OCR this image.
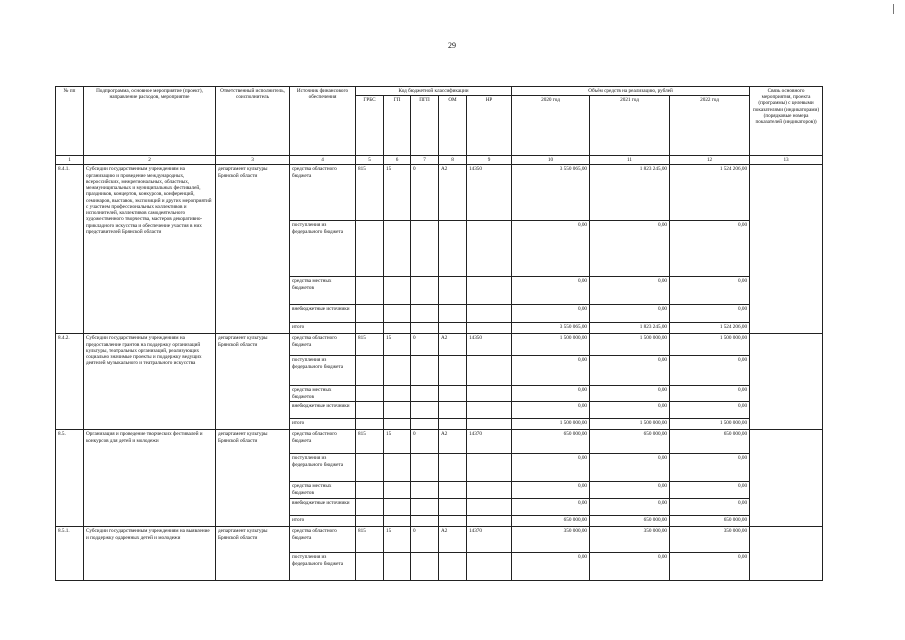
29
№ пп	Подпрограмма, основное мероприятие (проект), направление расходов, мероприятие	Ответственный исполнитель, соисполнитель	Источник финансового обеспечения	Код бюджетной классификации					Объём средств на реализацию, рублей			Связь основного мероприятия, проекта (программы) с целевыми показателями (индикаторами) (порядковые номера показателей (индикаторов))
				ГРБС	ГП	ПГП	ОМ	НР	2020 год	2021 год	2022 год	
1	2	3	4	5	6	7	8	9	10	11	12	13
8.4.1.	Субсидии государственным учреждениям на организацию и проведение международных, всероссийских, межрегиональных, областных, межмуниципальных и муниципальных фестивалей, праздников, концертов, конкурсов, конференций, семинаров, выставок, экспозиций и других мероприятий с участием профессиональных коллективов и исполнителей, коллективов самодеятельного художественного творчества, мастеров декоративно-прикладного искусства и обеспечение участия в них представителей Брянской области	департамент культуры Брянской области	средства областного бюджета	815	15	0	А2	14350	3 550 065,00	1 823 245,00	1 524 206,00	
			поступления из федерального бюджета						0,00	0,00	0,00	
			средства местных бюджетов						0,00	0,00	0,00	
			внебюджетные источники						0,00	0,00	0,00	
			итого						3 550 065,00	1 823 245,00	1 524 206,00	
8.4.2.	Субсидии государственным учреждениям на предоставление грантов на поддержку организаций культуры, театральных организаций, реализующих социально значимые проекты и поддержку ведущих деятелей музыкального и театрального искусства	департамент культуры Брянской области	средства областного бюджета	815	15	0	А2	14350	1 500 000,00	1 500 000,00	1 500 000,00	
			поступления из федерального бюджета						0,00	0,00	0,00	
			средства местных бюджетов						0,00	0,00	0,00	
			внебюджетные источники						0,00	0,00	0,00	
			итого						1 500 000,00	1 500 000,00	1 500 000,00	
8.5.	Организация и проведение творческих фестивалей и конкурсов для детей и молодежи	департамент культуры Брянской области	средства областного бюджета	815	15	0	А2	14370	650 000,00	650 000,00	650 000,00	
			поступления из федерального бюджета						0,00	0,00	0,00	
			средства местных бюджетов						0,00	0,00	0,00	
			внебюджетные источники						0,00	0,00	0,00	
			итого						650 000,00	650 000,00	650 000,00	
8.5.1.	Субсидии государственным учреждениям на выявление и поддержку одаренных детей и молодежи	департамент культуры Брянской области	средства областного бюджета	815	15	0	А2	14370	350 000,00	350 000,00	350 000,00	
			поступления из федерального бюджета						0,00	0,00	0,00	
